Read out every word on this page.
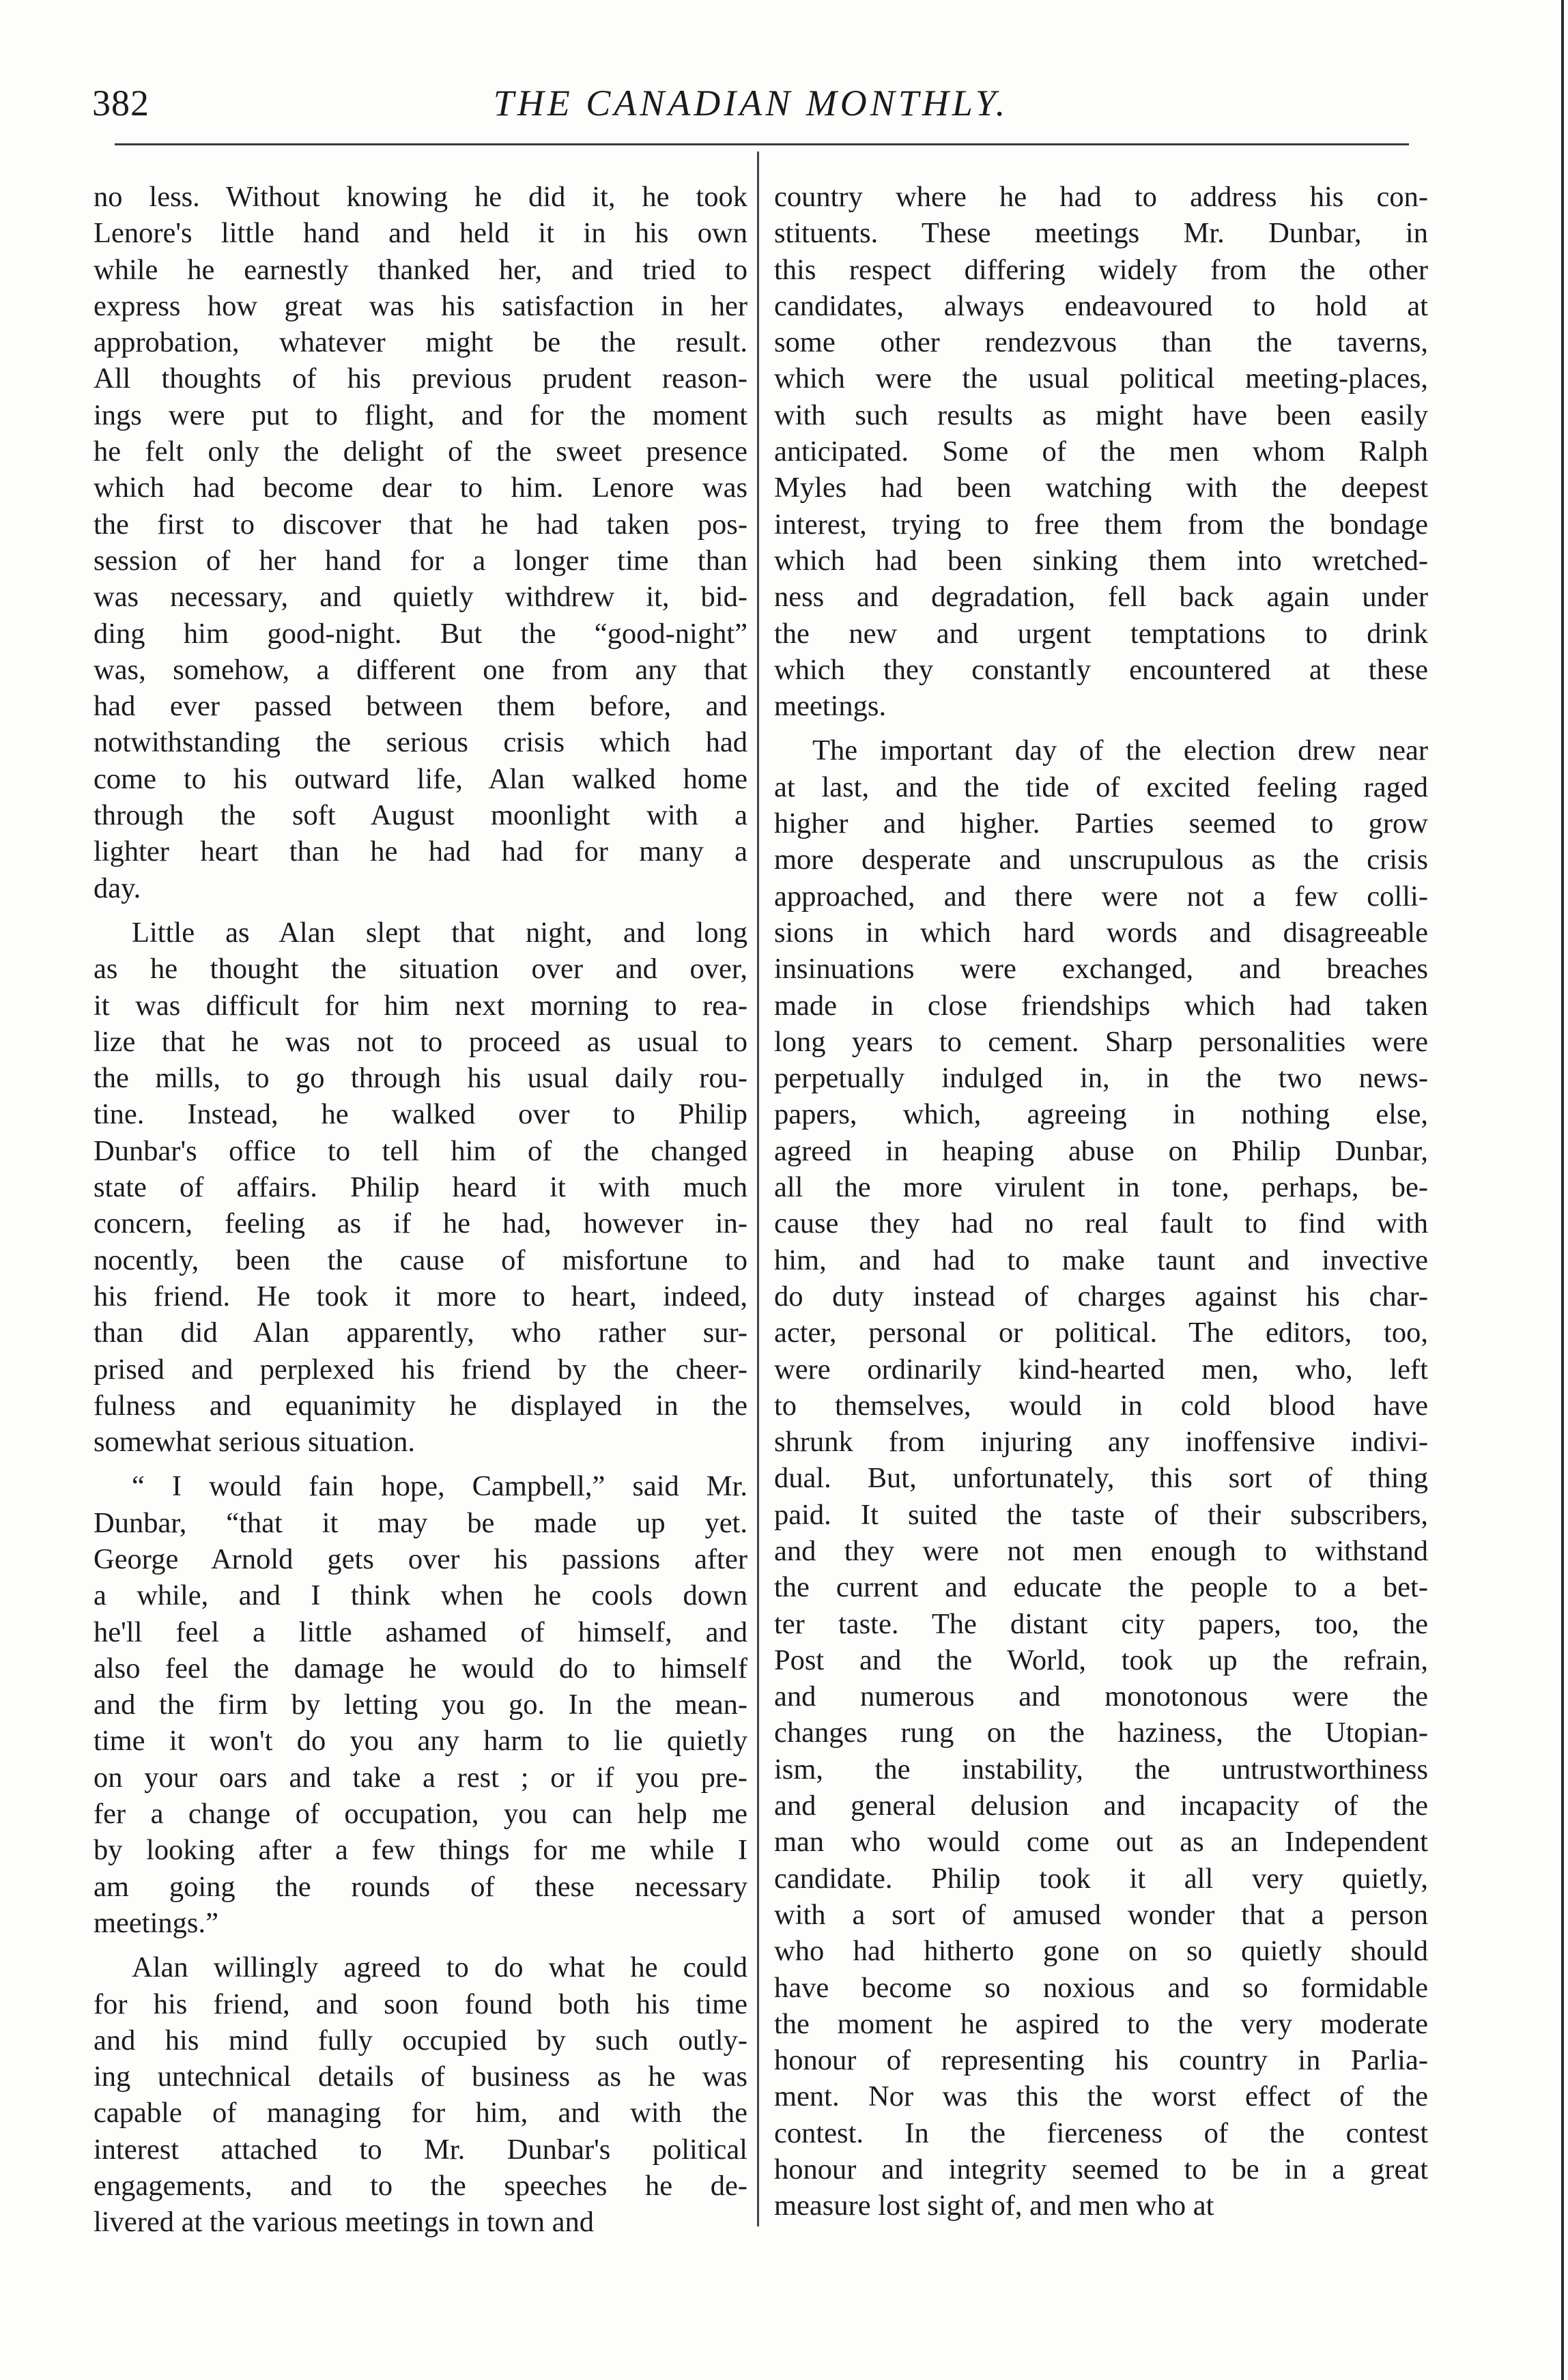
382	THE CANADIAN MONTHLY.
no less. Without knowing he did it, he took
Lenore's little hand and held it in his own
while he earnestly thanked her, and tried to
express how great was his satisfaction in her
approbation, whatever might be the result.
All thoughts of his previous prudent reason-
ings were put to flight, and for the moment
he felt only the delight of the sweet presence
which had become dear to him. Lenore was
the first to discover that he had taken pos-
session of her hand for a longer time than
was necessary, and quietly withdrew it, bid-
ding him good-night. But the “good-night”
was, somehow, a different one from any that
had ever passed between them before, and
notwithstanding the serious crisis which had
come to his outward life, Alan walked home
through the soft August moonlight with a
lighter heart than he had had for many a
day.
Little as Alan slept that night, and long
as he thought the situation over and over,
it was difficult for him next morning to rea-
lize that he was not to proceed as usual to
the mills, to go through his usual daily rou-
tine. Instead, he walked over to Philip
Dunbar's office to tell him of the changed
state of affairs. Philip heard it with much
concern, feeling as if he had, however in-
nocently, been the cause of misfortune to
his friend. He took it more to heart, indeed,
than did Alan apparently, who rather sur-
prised and perplexed his friend by the cheer-
fulness and equanimity he displayed in the
somewhat serious situation.
“ I would fain hope, Campbell,” said Mr.
Dunbar, “that it may be made up yet.
George Arnold gets over his passions after
a while, and I think when he cools down
he'll feel a little ashamed of himself, and
also feel the damage he would do to himself
and the firm by letting you go. In the mean-
time it won't do you any harm to lie quietly
on your oars and take a rest ; or if you pre-
fer a change of occupation, you can help me
by looking after a few things for me while I
am going the rounds of these necessary
meetings.”
Alan willingly agreed to do what he could
for his friend, and soon found both his time
and his mind fully occupied by such outly-
ing untechnical details of business as he was
capable of managing for him, and with the
interest attached to Mr. Dunbar's political
engagements, and to the speeches he de-
livered at the various meetings in town and
country where he had to address his con-
stituents. These meetings Mr. Dunbar, in
this respect differing widely from the other
candidates, always endeavoured to hold at
some other rendezvous than the taverns,
which were the usual political meeting-places,
with such results as might have been easily
anticipated. Some of the men whom Ralph
Myles had been watching with the deepest
interest, trying to free them from the bondage
which had been sinking them into wretched-
ness and degradation, fell back again under
the new and urgent temptations to drink
which they constantly encountered at these
meetings.
The important day of the election drew near
at last, and the tide of excited feeling raged
higher and higher. Parties seemed to grow
more desperate and unscrupulous as the crisis
approached, and there were not a few colli-
sions in which hard words and disagreeable
insinuations were exchanged, and breaches
made in close friendships which had taken
long years to cement. Sharp personalities were
perpetually indulged in, in the two news-
papers, which, agreeing in nothing else,
agreed in heaping abuse on Philip Dunbar,
all the more virulent in tone, perhaps, be-
cause they had no real fault to find with
him, and had to make taunt and invective
do duty instead of charges against his char-
acter, personal or political. The editors, too,
were ordinarily kind-hearted men, who, left
to themselves, would in cold blood have
shrunk from injuring any inoffensive indivi-
dual. But, unfortunately, this sort of thing
paid. It suited the taste of their subscribers,
and they were not men enough to withstand
the current and educate the people to a bet-
ter taste. The distant city papers, too, the
Post and the World, took up the refrain,
and numerous and monotonous were the
changes rung on the haziness, the Utopian-
ism, the instability, the untrustworthiness
and general delusion and incapacity of the
man who would come out as an Independent
candidate. Philip took it all very quietly,
with a sort of amused wonder that a person
who had hitherto gone on so quietly should
have become so noxious and so formidable
the moment he aspired to the very moderate
honour of representing his country in Parlia-
ment. Nor was this the worst effect of the
contest. In the fierceness of the contest
honour and integrity seemed to be in a great
measure lost sight of, and men who at
